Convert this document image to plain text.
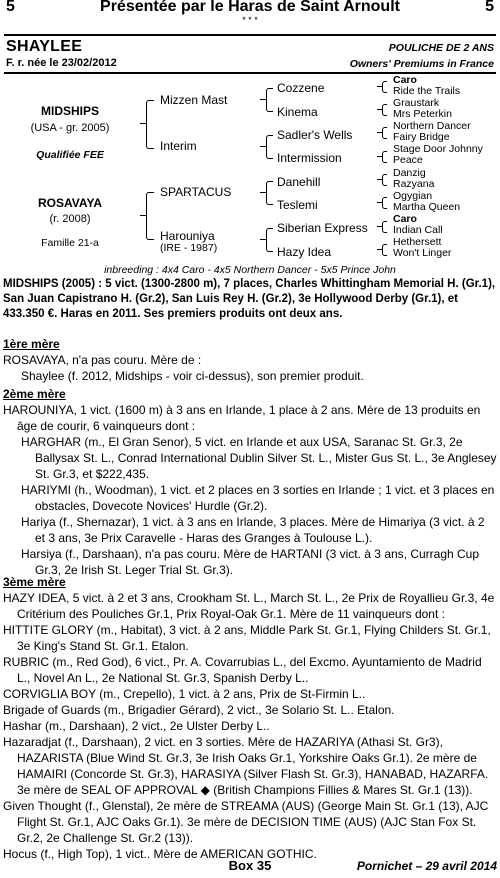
5	Présentée par le Haras de Saint Arnoult	5
* * *
SHAYLEE	POULICHE DE 2 ANS
F. r. née le 23/02/2012	Owners' Premiums in France
MIDSHIPS
(USA - gr. 2005)
Qualifiée FEE
ROSAVAYA
(r. 2008)
Famille 21-a
Mizzen Mast
Interim
SPARTACUS
Harouniya
(IRE - 1987)
Cozzene
Kinema
Sadler's Wells
Intermission
Danehill
Teslemi
Siberian Express
Hazy Idea
Caro
Ride the Trails
Graustark
Mrs Peterkin
Northern Dancer
Fairy Bridge
Stage Door Johnny
Peace
Danzig
Razyana
Ogygian
Martha Queen
Caro
Indian Call
Hethersett
Won't Linger
inbreeding : 4x4 Caro - 4x5 Northern Dancer - 5x5 Prince John

MIDSHIPS (2005) : 5 vict. (1300-2800 m), 7 places, Charles Whittingham Memorial H. (Gr.1), San Juan Capistrano H. (Gr.2), San Luis Rey H. (Gr.2), 3e Hollywood Derby (Gr.1), et 433.350 €. Haras en 2011. Ses premiers produits ont deux ans.

1ère mère

ROSAVAYA, n'a pas couru. Mère de :

Shaylee (f. 2012, Midships - voir ci-dessus), son premier produit.

2ème mère

HAROUNIYA, 1 vict. (1600 m) à 3 ans en Irlande, 1 place à 2 ans. Mère de 13 produits en âge de courir, 6 vainqueurs dont :

HARGHAR (m., El Gran Senor), 5 vict. en Irlande et aux USA, Saranac St. Gr.3, 2e Ballysax St. L., Conrad International Dublin Silver St. L., Mister Gus St. L., 3e Anglesey St. Gr.3, et $222,435.

HARIYMI (h., Woodman), 1 vict. et 2 places en 3 sorties en Irlande ; 1 vict. et 3 places en obstacles, Dovecote Novices' Hurdle (Gr.2).

Hariya (f., Shernazar), 1 vict. à 3 ans en Irlande, 3 places. Mère de Himariya (3 vict. à 2 et 3 ans, 3e Prix Caravelle - Haras des Granges à Toulouse L.).

Harsiya (f., Darshaan), n'a pas couru. Mère de HARTANI (3 vict. à 3 ans, Curragh Cup Gr.3, 2e Irish St. Leger Trial St. Gr.3).

3ème mère

HAZY IDEA, 5 vict. à 2 et 3 ans, Crookham St. L., March St. L., 2e Prix de Royallieu Gr.3, 4e Critérium des Pouliches Gr.1, Prix Royal-Oak Gr.1. Mère de 11 vainqueurs dont :

HITTITE GLORY (m., Habitat), 3 vict. à 2 ans, Middle Park St. Gr.1, Flying Childers St. Gr.1, 3e King's Stand St. Gr.1. Etalon.

RUBRIC (m., Red God), 6 vict., Pr. A. Covarrubias L., del Excmo. Ayuntamiento de Madrid L., Novel An L., 2e National St. Gr.3, Spanish Derby L..

CORVIGLIA BOY (m., Crepello), 1 vict. à 2 ans, Prix de St-Firmin L..

Brigade of Guards (m., Brigadier Gérard), 2 vict., 3e Solario St. L.. Etalon.

Hashar (m., Darshaan), 2 vict., 2e Ulster Derby L..

Hazaradjat (f., Darshaan), 2 vict. en 3 sorties. Mère de HAZARIYA (Athasi St. Gr3), HAZARISTA (Blue Wind St. Gr.3, 3e Irish Oaks Gr.1, Yorkshire Oaks Gr.1). 2e mère de HAMAIRI (Concorde St. Gr.3), HARASIYA (Silver Flash St. Gr.3), HANABAD, HAZARFA. 3e mère de SEAL OF APPROVAL ◆ (British Champions Fillies & Mares St. Gr.1 (13)).

Given Thought (f., Glenstal), 2e mère de STREAMA (AUS) (George Main St. Gr.1 (13), AJC Flight St. Gr.1, AJC Oaks Gr.1). 3e mère de DECISION TIME (AUS) (AJC Stan Fox St. Gr.2, 2e Challenge St. Gr.2 (13)).

Hocus (f., High Top), 1 vict.. Mère de AMERICAN GOTHIC.

Box 35	Pornichet – 29 avril 2014
